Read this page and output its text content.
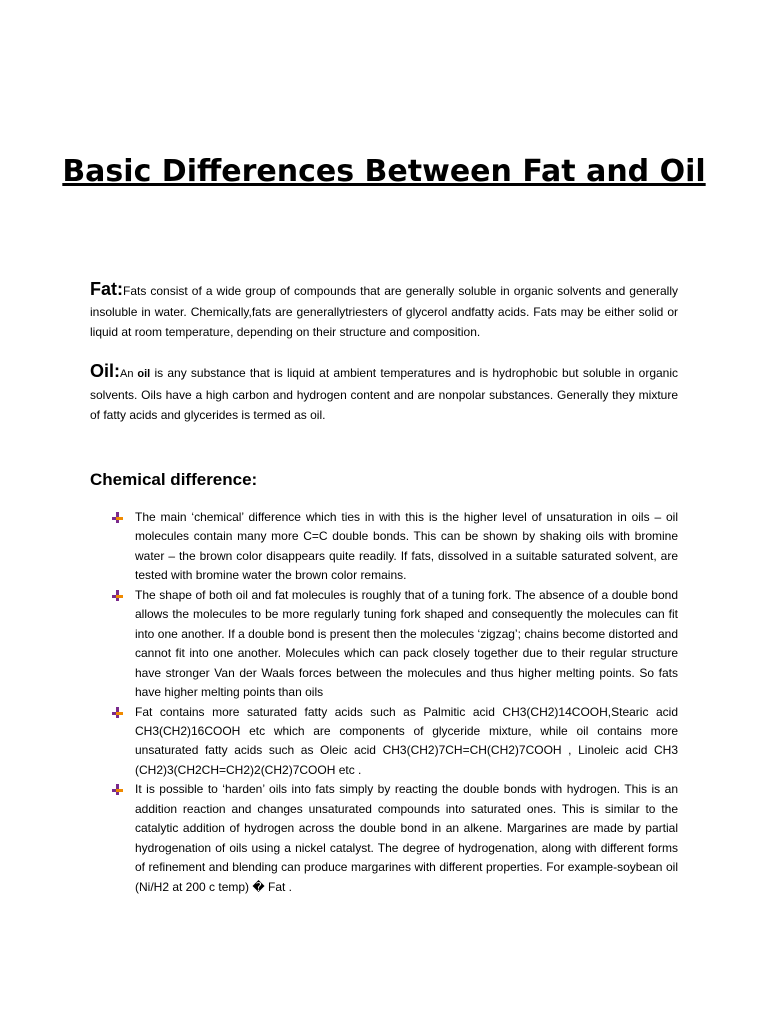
Basic Differences Between Fat and Oil

Fat:Fats consist of a wide group of compounds that are generally soluble in organic solvents and generally insoluble in water. Chemically,fats are generallytriesters of glycerol andfatty acids. Fats may be either solid or liquid at room temperature, depending on their structure and composition.

Oil:An oil is any substance that is liquid at ambient temperatures and is hydrophobic but soluble in organic solvents. Oils have a high carbon and hydrogen content and are nonpolar substances. Generally they mixture of fatty acids and glycerides is termed as oil.

Chemical difference:
The main ‘chemical’ difference which ties in with this is the higher level of unsaturation in oils – oil molecules contain many more C=C double bonds. This can be shown by shaking oils with bromine water – the brown color disappears quite readily. If fats, dissolved in a suitable saturated solvent, are tested with bromine water the brown color remains.
The shape of both oil and fat molecules is roughly that of a tuning fork. The absence of a double bond allows the molecules to be more regularly tuning fork shaped and consequently the molecules can fit into one another. If a double bond is present then the molecules ‘zigzag’; chains become distorted and cannot fit into one another. Molecules which can pack closely together due to their regular structure have stronger Van der Waals forces between the molecules and thus higher melting points. So fats have higher melting points than oils
Fat contains more saturated fatty acids such as Palmitic acid CH3(CH2)14COOH,Stearic acid CH3(CH2)16COOH etc which are components of glyceride mixture, while oil contains more unsaturated fatty acids such as Oleic acid CH3(CH2)7CH=CH(CH2)7COOH , Linoleic acid CH3 (CH2)3(CH2CH=CH2)2(CH2)7COOH etc .
It is possible to ‘harden’ oils into fats simply by reacting the double bonds with hydrogen. This is an addition reaction and changes unsaturated compounds into saturated ones. This is similar to the catalytic addition of hydrogen across the double bond in an alkene. Margarines are made by partial hydrogenation of oils using a nickel catalyst. The degree of hydrogenation, along with different forms of refinement and blending can produce margarines with different properties. For example-soybean oil (Ni/H2 at 200 c temp) � Fat .
